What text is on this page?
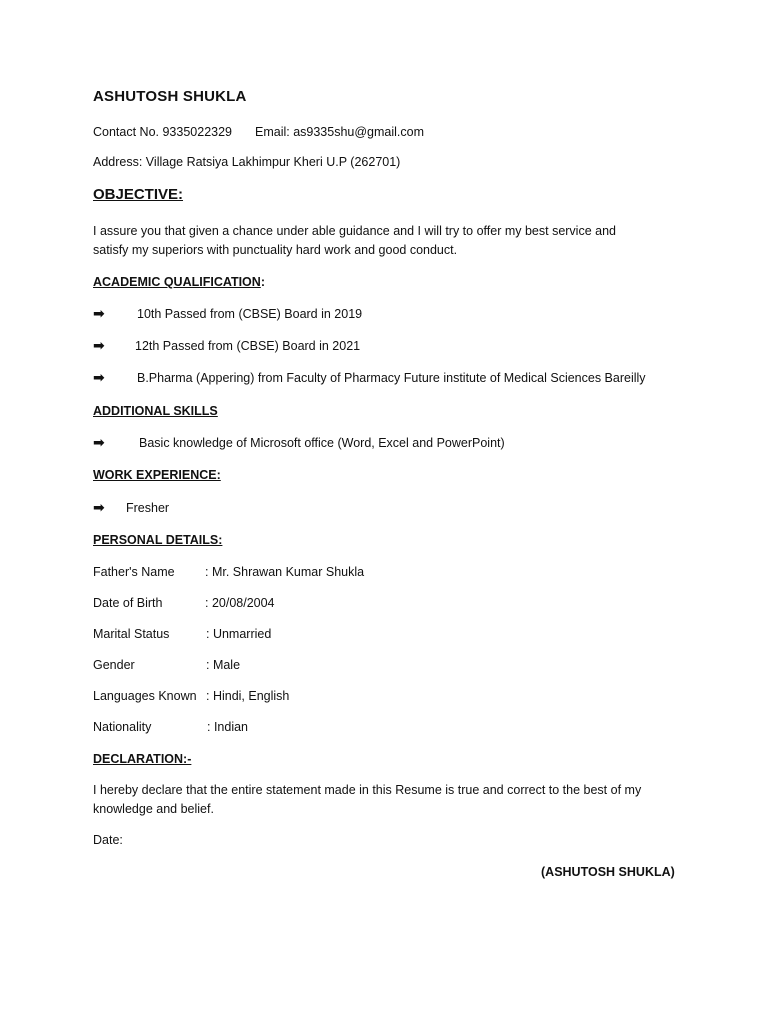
ASHUTOSH SHUKLA
Contact No. 9335022329 Email: as9335shu@gmail.com
Address: Village Ratsiya Lakhimpur Kheri U.P (262701)
OBJECTIVE:
I assure you that given a chance under able guidance and I will try to offer my best service and satisfy my superiors with punctuality hard work and good conduct.
ACADEMIC QUALIFICATION:
➡	10th Passed from (CBSE) Board in 2019
➡ 12th Passed from (CBSE) Board in 2021
➡	B.Pharma (Appering) from Faculty of Pharmacy Future institute of Medical Sciences Bareilly
ADDITIONAL SKILLS
➡	Basic knowledge of Microsoft office (Word, Excel and PowerPoint)
WORK EXPERIENCE:
➡ Fresher
PERSONAL DETAILS:
Father's Name : Mr. Shrawan Kumar Shukla
Date of Birth	: 20/08/2004
Marital Status	: Unmarried
Gender	: Male
Languages Known : Hindi, English
Nationality	: Indian
DECLARATION:-
I hereby declare that the entire statement made in this Resume is true and correct to the best of my knowledge and belief.
Date:
(ASHUTOSH SHUKLA)
